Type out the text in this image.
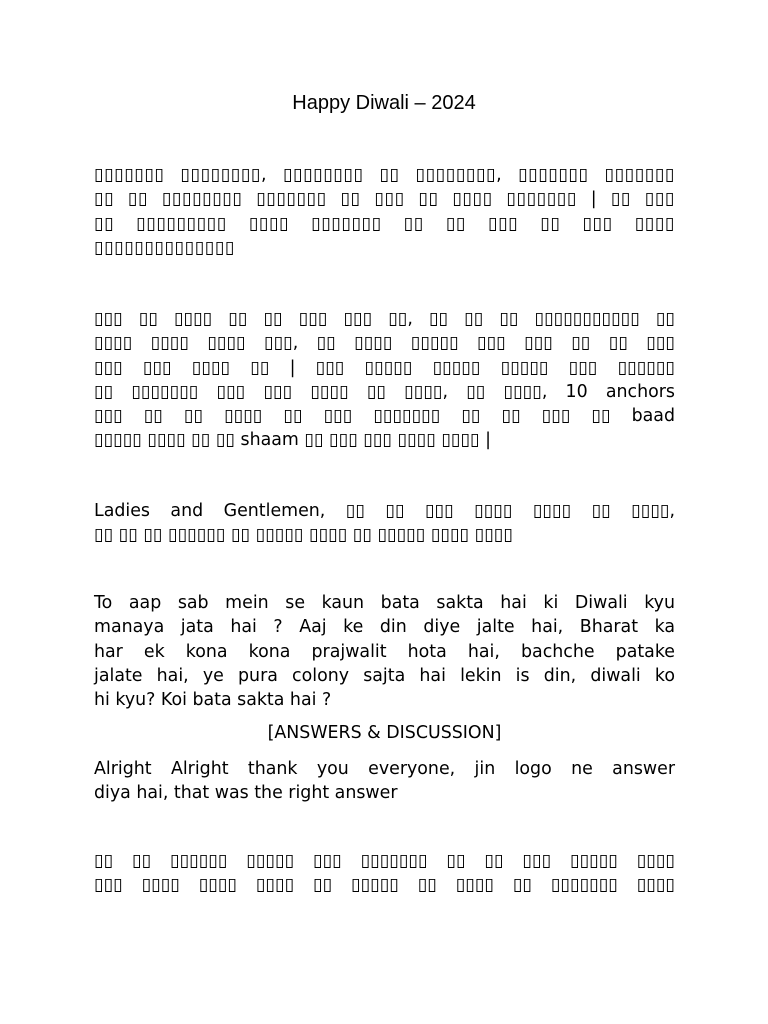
Happy Diwali – 2024
▯▯▯▯▯▯▯ ▯▯▯▯▯▯▯▯, ▯▯▯▯▯▯▯▯ ▯▯ ▯▯▯▯▯▯▯▯, ▯▯▯▯▯▯▯ ▯▯▯▯▯▯▯
▯▯ ▯▯ ▯▯▯▯▯▯▯▯ ▯▯▯▯▯▯▯ ▯▯ ▯▯▯ ▯▯ ▯▯▯▯ ▯▯▯▯▯▯▯ | ▯▯ ▯▯▯
▯▯ ▯▯▯▯▯▯▯▯▯ ▯▯▯▯ ▯▯▯▯▯▯▯ ▯▯ ▯▯ ▯▯▯ ▯▯ ▯▯▯ ▯▯▯▯
▯▯▯▯▯▯▯▯▯▯▯▯▯▯
▯▯▯ ▯▯ ▯▯▯▯ ▯▯ ▯▯ ▯▯▯ ▯▯▯ ▯▯, ▯▯ ▯▯ ▯▯ ▯▯▯▯▯▯▯▯▯▯▯ ▯▯
▯▯▯▯ ▯▯▯▯ ▯▯▯▯ ▯▯▯, ▯▯ ▯▯▯▯ ▯▯▯▯▯ ▯▯▯ ▯▯▯ ▯▯ ▯▯ ▯▯▯
▯▯▯ ▯▯▯ ▯▯▯▯ ▯▯ | ▯▯▯ ▯▯▯▯▯ ▯▯▯▯▯ ▯▯▯▯▯ ▯▯▯ ▯▯▯▯▯▯
▯▯ ▯▯▯▯▯▯▯ ▯▯▯ ▯▯▯ ▯▯▯▯ ▯▯ ▯▯▯▯, ▯▯ ▯▯▯▯, 10 anchors
▯▯▯ ▯▯ ▯▯ ▯▯▯▯ ▯▯ ▯▯▯ ▯▯▯▯▯▯▯ ▯▯ ▯▯ ▯▯▯ ▯▯ baad
▯▯▯▯▯ ▯▯▯▯ ▯▯ ▯▯ shaam ▯▯ ▯▯▯ ▯▯▯ ▯▯▯▯ ▯▯▯▯ |
Ladies and Gentlemen, ▯▯ ▯▯ ▯▯▯ ▯▯▯▯ ▯▯▯▯ ▯▯ ▯▯▯▯,
▯▯ ▯▯ ▯▯ ▯▯▯▯▯▯ ▯▯ ▯▯▯▯▯ ▯▯▯▯ ▯▯ ▯▯▯▯▯ ▯▯▯▯ ▯▯▯▯
To aap sab mein se kaun bata sakta hai ki Diwali kyu
manaya jata hai ? Aaj ke din diye jalte hai, Bharat ka
har ek kona kona prajwalit hota hai, bachche patake
jalate hai, ye pura colony sajta hai lekin is din, diwali ko
hi kyu? Koi bata sakta hai ?
[ANSWERS & DISCUSSION]
Alright Alright thank you everyone, jin logo ne answer
diya hai, that was the right answer
▯▯ ▯▯ ▯▯▯▯▯▯ ▯▯▯▯▯ ▯▯▯ ▯▯▯▯▯▯▯ ▯▯ ▯▯ ▯▯▯ ▯▯▯▯▯ ▯▯▯▯
▯▯▯ ▯▯▯▯ ▯▯▯▯ ▯▯▯▯ ▯▯ ▯▯▯▯▯ ▯▯ ▯▯▯▯ ▯▯ ▯▯▯▯▯▯▯ ▯▯▯▯
